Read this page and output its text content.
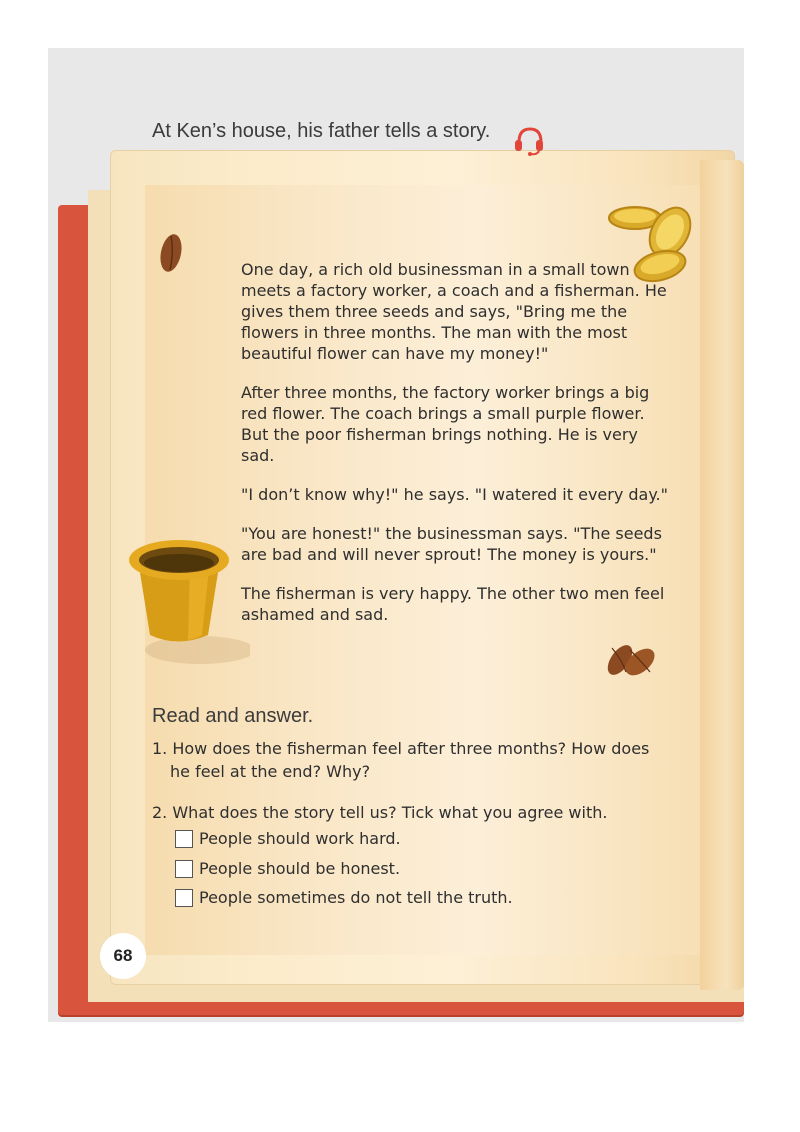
At Ken’s house, his father tells a story.

One day, a rich old businessman in a small town meets a factory worker, a coach and a fisherman. He gives them three seeds and says, "Bring me the flowers in three months. The man with the most beautiful flower can have my money!"

After three months, the factory worker brings a big red flower. The coach brings a small purple flower. But the poor fisherman brings nothing. He is very sad.

"I don’t know why!" he says. "I watered it every day."

"You are honest!" the businessman says. "The seeds are bad and will never sprout! The money is yours."

The fisherman is very happy. The other two men feel ashamed and sad.

Read and answer.
1. How does the fisherman feel after three months? How does
he feel at the end? Why?
2. What does the story tell us? Tick what you agree with.
People should work hard.
People should be honest.
People sometimes do not tell the truth.
68
